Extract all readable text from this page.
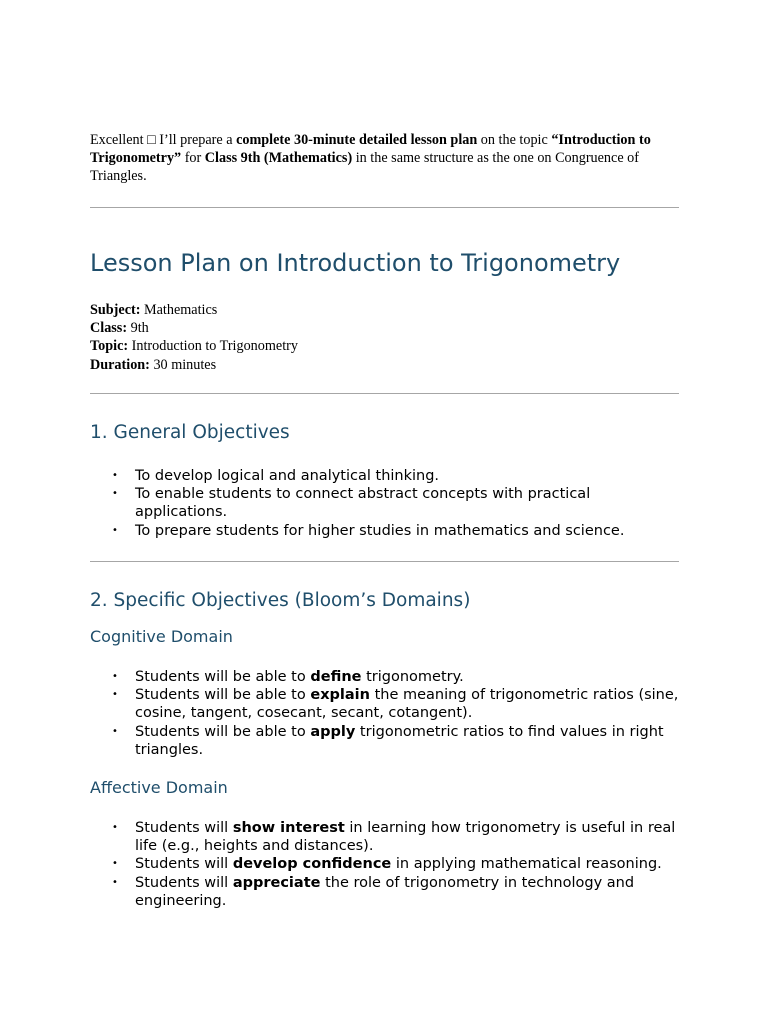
Excellent □ I’ll prepare a complete 30-minute detailed lesson plan on the topic “Introduction to Trigonometry” for Class 9th (Mathematics) in the same structure as the one on Congruence of Triangles.

Lesson Plan on Introduction to Trigonometry
Subject: Mathematics
Class: 9th
Topic: Introduction to Trigonometry
Duration: 30 minutes
1. General Objectives
• To develop logical and analytical thinking.
• To enable students to connect abstract concepts with practical applications.
• To prepare students for higher studies in mathematics and science.
2. Specific Objectives (Bloom’s Domains)
Cognitive Domain
• Students will be able to define trigonometry.
• Students will be able to explain the meaning of trigonometric ratios (sine, cosine, tangent, cosecant, secant, cotangent).
• Students will be able to apply trigonometric ratios to find values in right triangles.
Affective Domain
• Students will show interest in learning how trigonometry is useful in real life (e.g., heights and distances).
• Students will develop confidence in applying mathematical reasoning.
• Students will appreciate the role of trigonometry in technology and engineering.
